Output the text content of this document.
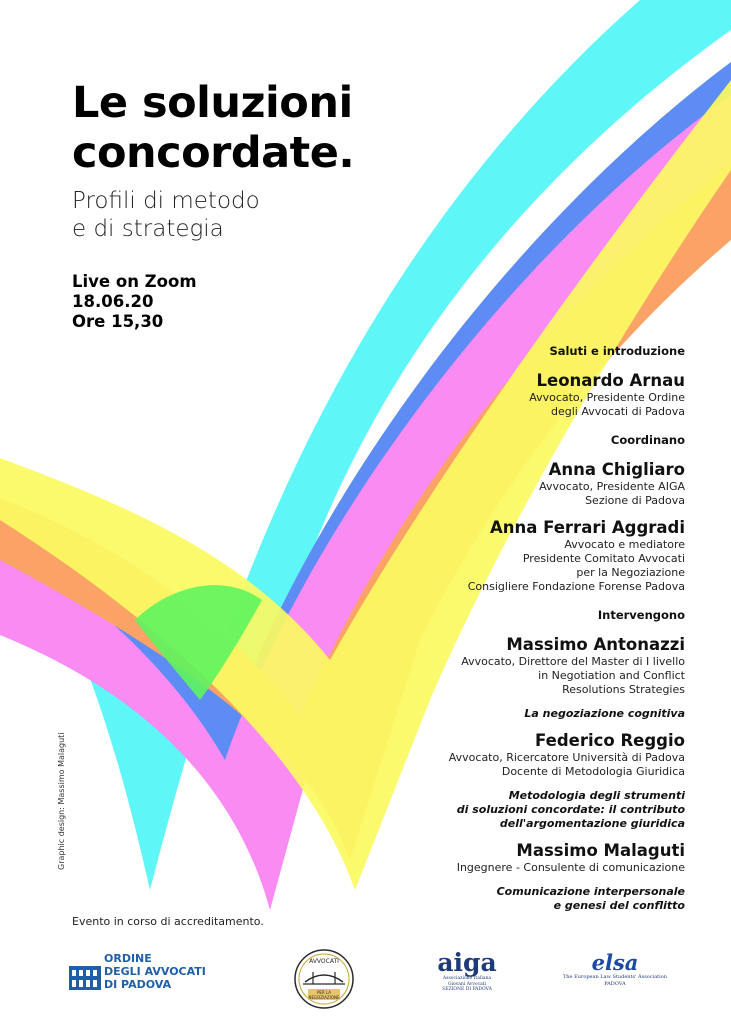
Le soluzioni
concordate.
Profili di metodo
e di strategia
Live on Zoom
18.06.20
Ore 15,30
Saluti e introduzione
Leonardo Arnau
Avvocato, Presidente Ordine
degli Avvocati di Padova
Coordinano
Anna Chigliaro
Avvocato, Presidente AIGA
Sezione di Padova
Anna Ferrari Aggradi
Avvocato e mediatore
Presidente Comitato Avvocati
per la Negoziazione
Consigliere Fondazione Forense Padova
Intervengono
Massimo Antonazzi
Avvocato, Direttore del Master di I livello
in Negotiation and Conflict
Resolutions Strategies
La negoziazione cognitiva
Federico Reggio
Avvocato, Ricercatore Università di Padova
Docente di Metodologia Giuridica
Metodologia degli strumenti
di soluzioni concordate: il contributo
dell'argomentazione giuridica
Massimo Malaguti
Ingegnere - Consulente di comunicazione
Comunicazione interpersonale
e genesi del conflitto
Graphic design: Massimo Malaguti
Evento in corso di accreditamento.
ORDINE
DEGLI AVVOCATI
DI PADOVA
AVVOCATI
PER LA
NEGOZIAZIONE
aiga
Associazione Italiana
Giovani Avvocati
SEZIONE DI PADOVA
elsa
The European Law Students' Association
PADOVA
